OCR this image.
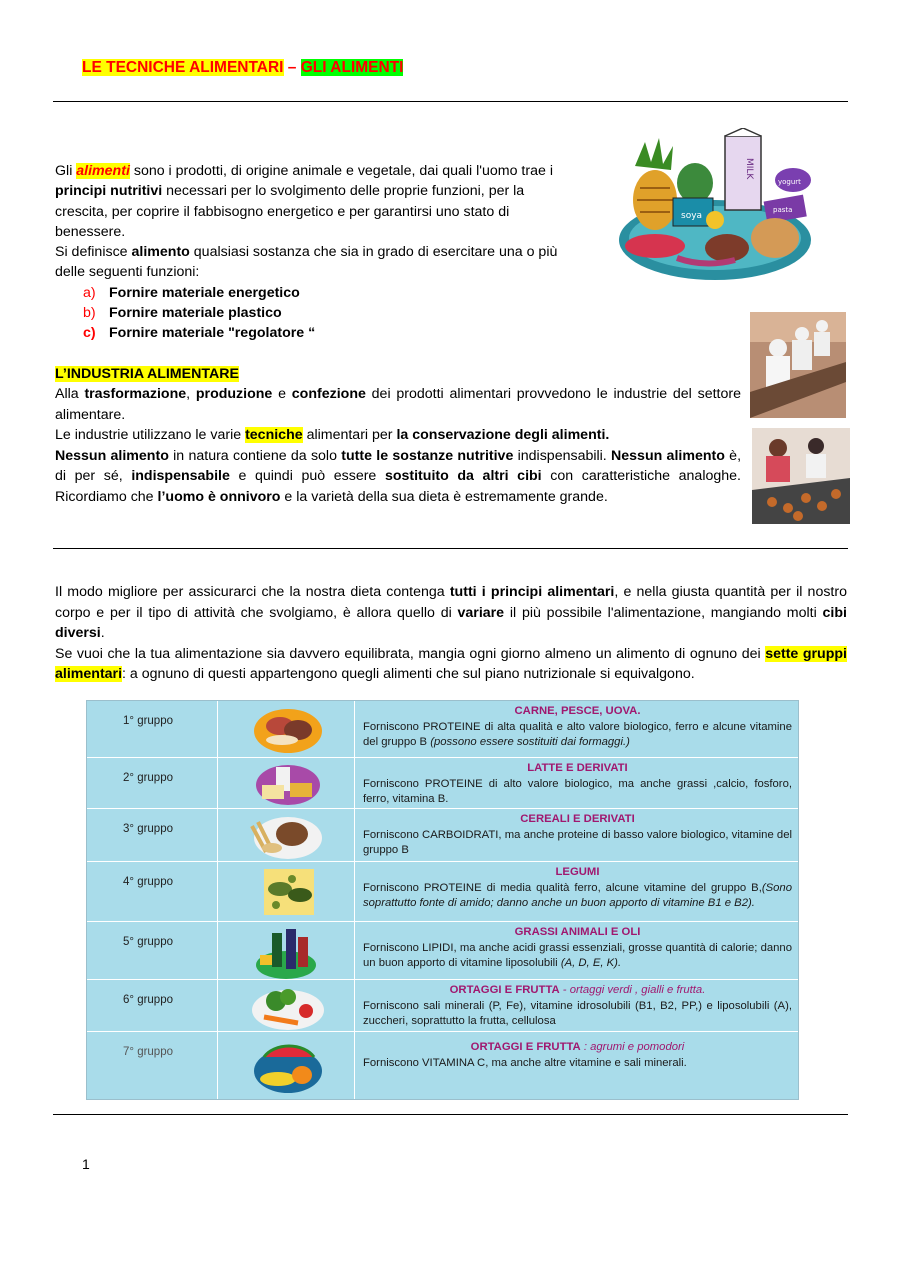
LE TECNICHE ALIMENTARI – GLI ALIMENTI

Gli alimenti sono i prodotti, di origine animale e vegetale, dai quali l'uomo trae i principi nutritivi necessari per lo svolgimento delle proprie funzioni, per la crescita, per coprire il fabbisogno energetico e per garantirsi uno stato di benessere.

Si definisce alimento qualsiasi sostanza che sia in grado di esercitare una o più delle seguenti funzioni:

a) Fornire materiale energetico
b) Fornire materiale plastico
c) Fornire materiale "regolatore “
MILK
yogurt
soya
pasta
L’INDUSTRIA ALIMENTARE

Alla trasformazione, produzione e confezione dei prodotti alimentari provvedono le industrie del settore alimentare.

Le industrie utilizzano le varie tecniche alimentari per la conservazione degli alimenti.

Nessun alimento in natura contiene da solo tutte le sostanze nutritive indispensabili. Nessun alimento è, di per sé, indispensabile e quindi può essere sostituito da altri cibi con caratteristiche analoghe. Ricordiamo che l’uomo è onnivoro e la varietà della sua dieta è estremamente grande.

Il modo migliore per assicurarci che la nostra dieta contenga tutti i principi alimentari, e nella giusta quantità per il nostro corpo e per il tipo di attività che svolgiamo, è allora quello di variare il più possibile l'alimentazione, mangiando molti cibi diversi.

Se vuoi che la tua alimentazione sia davvero equilibrata, mangia ogni giorno almeno un alimento di ognuno dei sette gruppi alimentari: a ognuno di questi appartengono quegli alimenti che sul piano nutrizionale si equivalgono.

1° gruppo
CARNE, PESCE, UOVA.
Forniscono PROTEINE di alta qualità e alto valore biologico, ferro e alcune vitamine del gruppo B (possono essere sostituiti dai formaggi.)
2° gruppo
LATTE E DERIVATI
Forniscono PROTEINE di alto valore biologico, ma anche grassi ,calcio, fosforo, ferro, vitamina B.
3° gruppo
CEREALI E DERIVATI
Forniscono CARBOIDRATI, ma anche proteine di basso valore biologico, vitamine del gruppo B
4° gruppo
LEGUMI
Forniscono PROTEINE di media qualità ferro, alcune vitamine del gruppo B,(Sono soprattutto fonte di amido; danno anche un buon apporto di vitamine B1 e B2).
5° gruppo
GRASSI ANIMALI E OLI
Forniscono LIPIDI, ma anche acidi grassi essenziali, grosse quantità di calorie; danno un buon apporto di vitamine liposolubili (A, D, E, K).
6° gruppo
ORTAGGI E FRUTTA - ortaggi verdi , gialli e frutta.
Forniscono sali minerali (P, Fe), vitamine idrosolubili (B1, B2, PP,) e liposolubili (A), zuccheri, soprattutto la frutta, cellulosa
7° gruppo	ORTAGGI E FRUTTA : agrumi e pomodori
Forniscono VITAMINA C, ma anche altre vitamine e sali minerali.
1
